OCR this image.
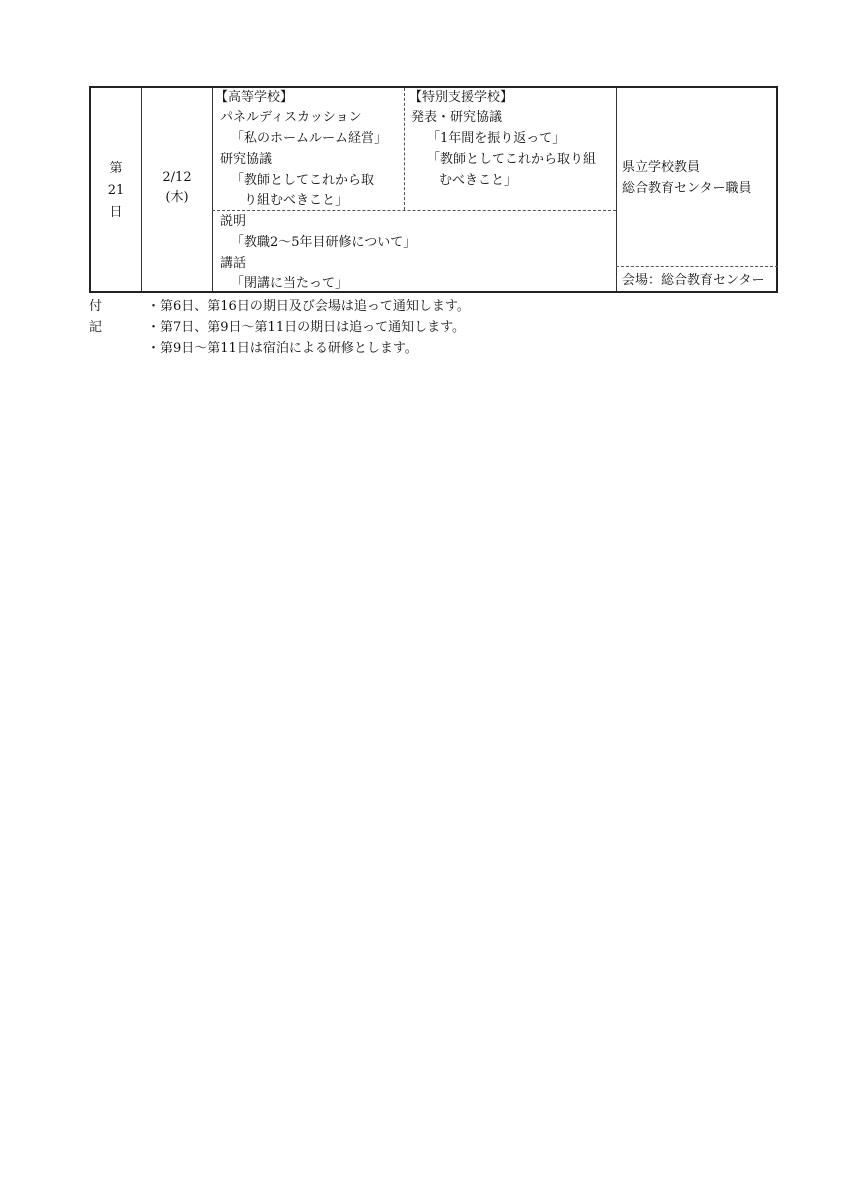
第
21
日
2/12
(木)
【高等学校】
パネルディスカッション
「私のホームルーム経営」
研究協議
「教師としてこれから取
り組むべきこと」
【特別支援学校】
発表・研究協議
「1年間を振り返って」
「教師としてこれから取り組
むべきこと」
説明
「教職2～5年目研修について」
講話
「閉講に当たって」
県立学校教員
総合教育センター職員
会場：総合教育センター
付記
・第6日、第16日の期日及び会場は追って通知します。
・第7日、第9日～第11日の期日は追って通知します。
・第9日～第11日は宿泊による研修とします。
